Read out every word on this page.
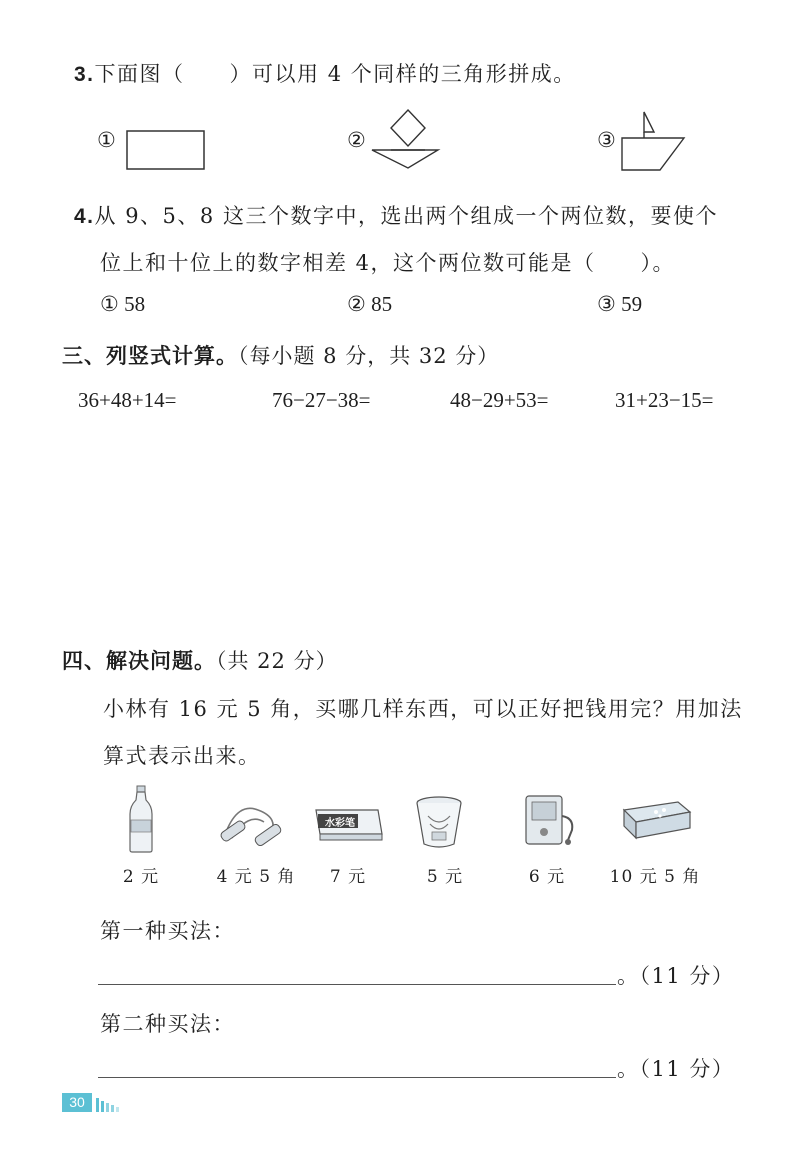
3.下面图（　　）可以用 4 个同样的三角形拼成。
①	②	③
4.从 9、5、8 这三个数字中，选出两个组成一个两位数，要使个
位上和十位上的数字相差 4，这个两位数可能是（　　）。
① 58	② 85	③ 59
三、列竖式计算。（每小题 8 分，共 32 分）
36+48+14=	76−27−38=	48−29+53=	31+23−15=
四、解决问题。（共 22 分）
小林有 16 元 5 角，买哪几样东西，可以正好把钱用完？用加法
算式表示出来。
水彩笔
2 元	4 元 5 角	7 元	5 元	6 元	10 元 5 角
第一种买法：
。（11 分）
第二种买法：
。（11 分）
30
